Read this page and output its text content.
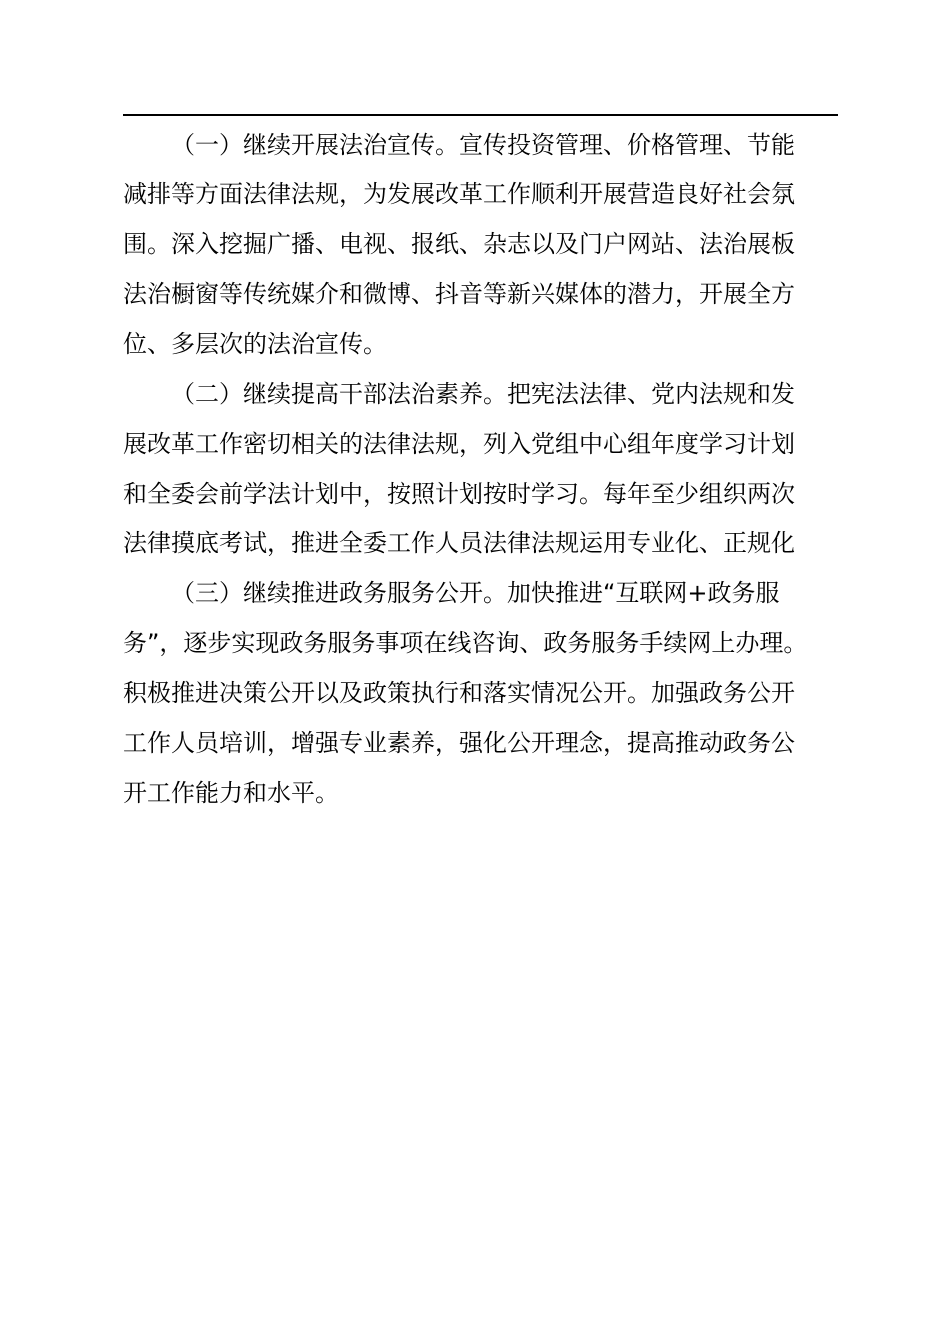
（一）继续开展法治宣传。宣传投资管理、价格管理、节能
减排等方面法律法规，为发展改革工作顺利开展营造良好社会氛
围。深入挖掘广播、电视、报纸、杂志以及门户网站、法治展板
法治橱窗等传统媒介和微博、抖音等新兴媒体的潜力，开展全方
位、多层次的法治宣传。
（二）继续提高干部法治素养。把宪法法律、党内法规和发
展改革工作密切相关的法律法规，列入党组中心组年度学习计划
和全委会前学法计划中，按照计划按时学习。每年至少组织两次
法律摸底考试，推进全委工作人员法律法规运用专业化、正规化
（三）继续推进政务服务公开。加快推进“互联网+政务服
务”，逐步实现政务服务事项在线咨询、政务服务手续网上办理。
积极推进决策公开以及政策执行和落实情况公开。加强政务公开
工作人员培训，增强专业素养，强化公开理念，提高推动政务公
开工作能力和水平。
